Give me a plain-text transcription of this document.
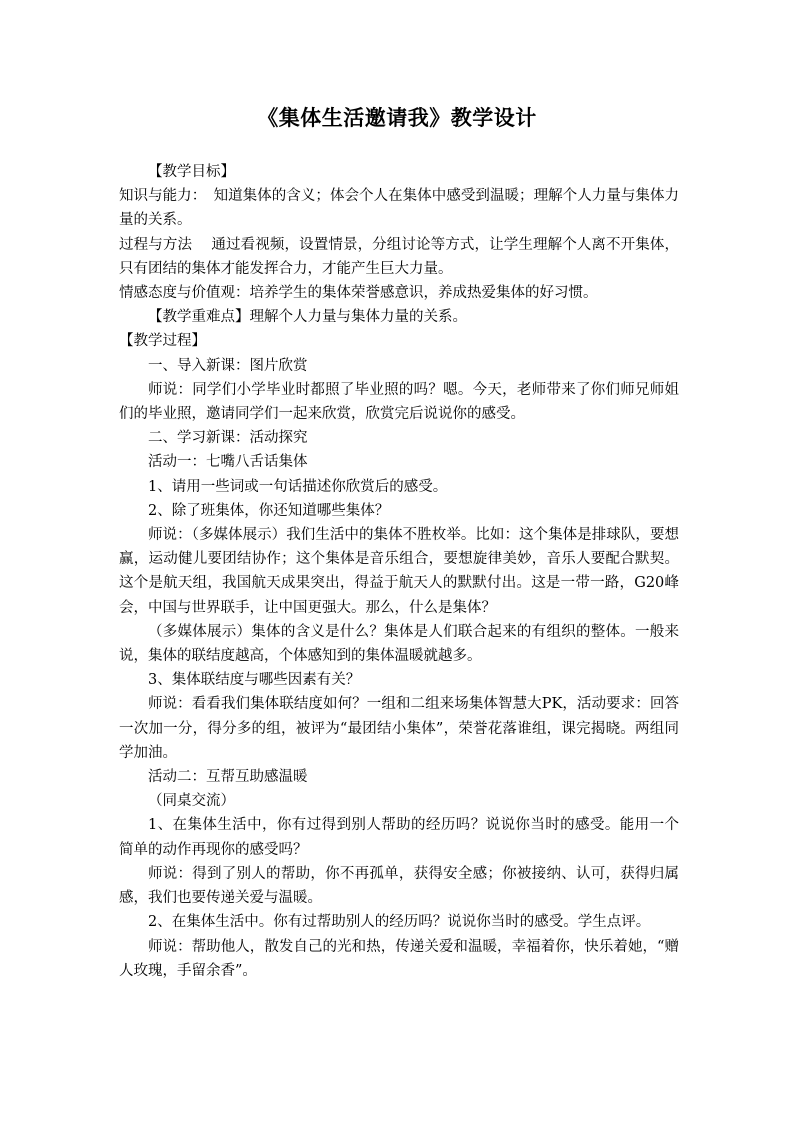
《集体生活邀请我》教学设计

【教学目标】

知识与能力：　知道集体的含义；体会个人在集体中感受到温暖；理解个人力量与集体力量的关系。

过程与方法　 通过看视频，设置情景，分组讨论等方式，让学生理解个人离不开集体，只有团结的集体才能发挥合力，才能产生巨大力量。

情感态度与价值观：培养学生的集体荣誉感意识，养成热爱集体的好习惯。

【教学重难点】理解个人力量与集体力量的关系。

【教学过程】

一、导入新课：图片欣赏

师说：同学们小学毕业时都照了毕业照的吗？嗯。今天，老师带来了你们师兄师姐们的毕业照，邀请同学们一起来欣赏，欣赏完后说说你的感受。

二、学习新课：活动探究

活动一：七嘴八舌话集体

1、请用一些词或一句话描述你欣赏后的感受。

2、除了班集体，你还知道哪些集体？

师说：（多媒体展示）我们生活中的集体不胜枚举。比如：这个集体是排球队，要想赢，运动健儿要团结协作；这个集体是音乐组合，要想旋律美妙，音乐人要配合默契。这个是航天组，我国航天成果突出，得益于航天人的默默付出。这是一带一路，G20峰会，中国与世界联手，让中国更强大。那么，什么是集体？

（多媒体展示）集体的含义是什么？集体是人们联合起来的有组织的整体。一般来说，集体的联结度越高，个体感知到的集体温暖就越多。

3、集体联结度与哪些因素有关？

师说：看看我们集体联结度如何？一组和二组来场集体智慧大PK，活动要求：回答一次加一分，得分多的组，被评为“最团结小集体”，荣誉花落谁组，课完揭晓。两组同学加油。

活动二：互帮互助感温暖

（同桌交流）

1、在集体生活中，你有过得到别人帮助的经历吗？说说你当时的感受。能用一个简单的动作再现你的感受吗？

师说：得到了别人的帮助，你不再孤单，获得安全感；你被接纳、认可，获得归属感，我们也要传递关爱与温暖。

2、在集体生活中。你有过帮助别人的经历吗？说说你当时的感受。学生点评。

师说：帮助他人，散发自己的光和热，传递关爱和温暖，幸福着你，快乐着她，“赠人玫瑰，手留余香”。
